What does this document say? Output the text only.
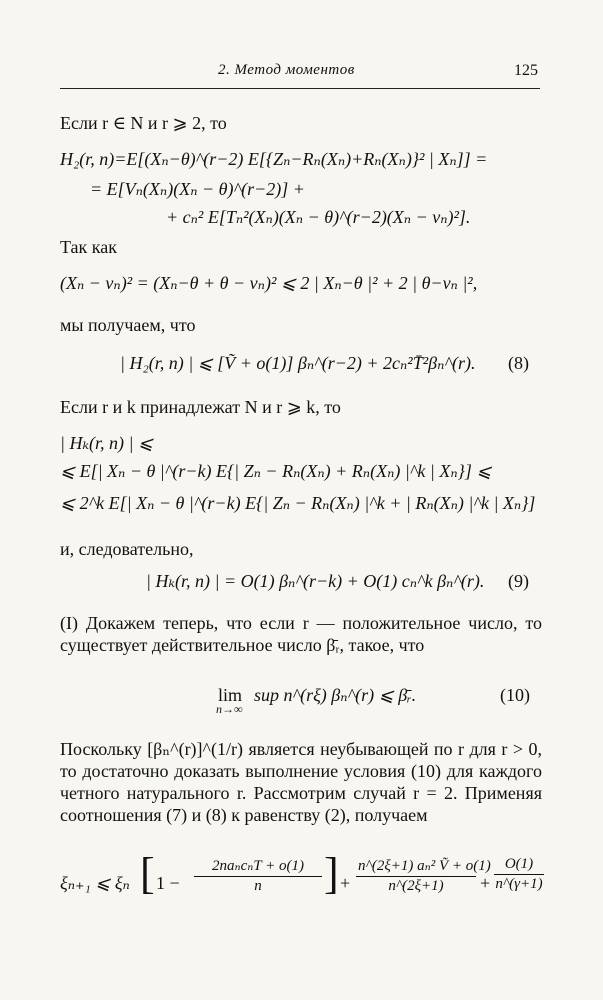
2. Метод моментов	125
Если r ∈ N и r ⩾ 2, то
H₂(r, n)=E[(Xₙ−θ)^(r−2) E[{Zₙ−Rₙ(Xₙ)+Rₙ(Xₙ)}² | Xₙ]] =
= E[Vₙ(Xₙ)(Xₙ − θ)^(r−2)] +
+ cₙ² E[Tₙ²(Xₙ)(Xₙ − θ)^(r−2)(Xₙ − vₙ)²].
Так как
(Xₙ − vₙ)² = (Xₙ−θ + θ − vₙ)² ⩽ 2 | Xₙ−θ |² + 2 | θ−vₙ |²,
мы получаем, что
| H₂(r, n) | ⩽ [Ṽ + o(1)] βₙ^(r−2) + 2cₙ²T̄²βₙ^(r). (8)
Если r и k принадлежат N и r ⩾ k, то
| Hₖ(r, n) | ⩽
⩽ E[| Xₙ − θ |^(r−k) E{| Zₙ − Rₙ(Xₙ) + Rₙ(Xₙ) |^k | Xₙ}] ⩽
⩽ 2^k E[| Xₙ − θ |^(r−k) E{| Zₙ − Rₙ(Xₙ) |^k + | Rₙ(Xₙ) |^k | Xₙ}]
и, следовательно,
| Hₖ(r, n) | = O(1) βₙ^(r−k) + O(1) cₙ^k βₙ^(r). (9)
(I) Докажем теперь, что если r — положительное число, то существует действительное число β̄ᵣ, такое, что
lim
n→∞
sup n^(rξ) βₙ^(r) ⩽ β̄ᵣ.	(10)
Поскольку [βₙ^(r)]^(1/r) является неубывающей по r для r > 0, то достаточно доказать выполнение условия (10) для каждого четного натурального r. Рассмотрим случай r = 2. Применяя соотношения (7) и (8) к равенству (2), получаем
ξₙ₊₁ ⩽ ξₙ [ 1 −
2naₙcₙT + o(1)
n	] + $\frac{\text{n\textasciicircum{}(2ξ+1) aₙ² Ṽ + o(1)}}{n\^{}(2\xi+1)} + \frac{O(1)}{n\^{}(\gamma+1)}$
